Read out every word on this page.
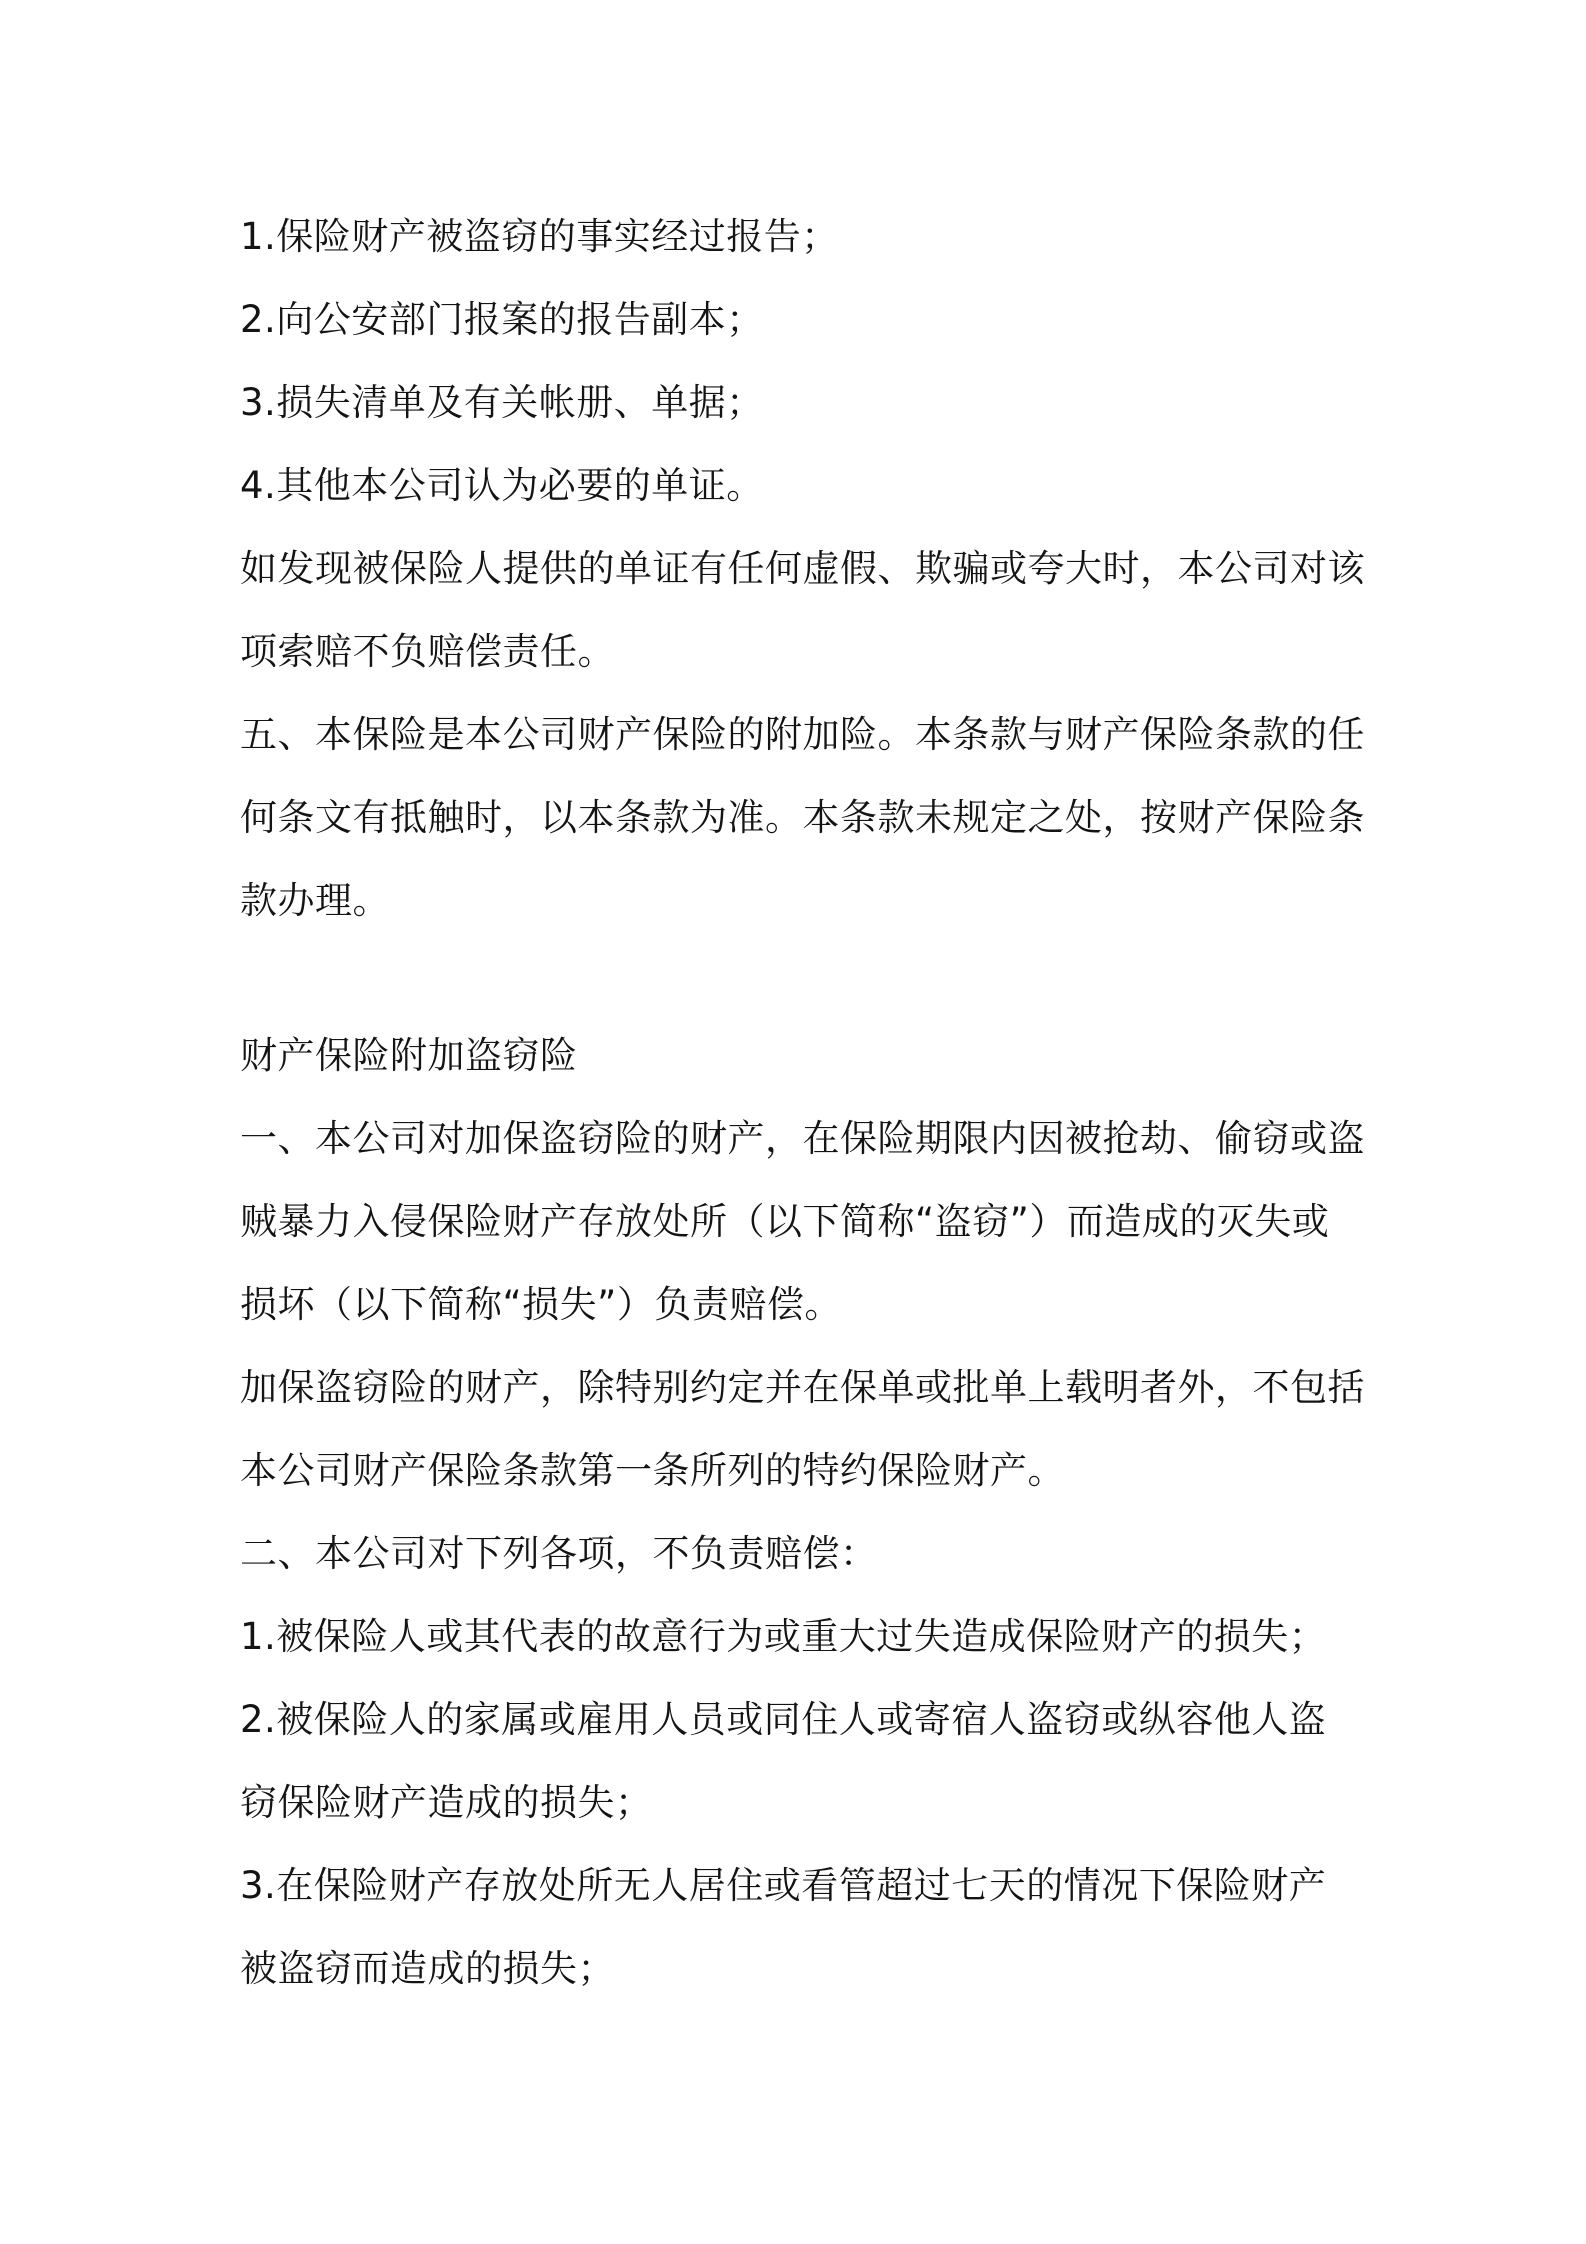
1.保险财产被盗窃的事实经过报告；
2.向公安部门报案的报告副本；
3.损失清单及有关帐册、单据；
4.其他本公司认为必要的单证。
如发现被保险人提供的单证有任何虚假、欺骗或夸大时，本公司对该
项索赔不负赔偿责任。
五、本保险是本公司财产保险的附加险。本条款与财产保险条款的任
何条文有抵触时，以本条款为准。本条款未规定之处，按财产保险条
款办理。
财产保险附加盗窃险
一、本公司对加保盗窃险的财产，在保险期限内因被抢劫、偷窃或盗
贼暴力入侵保险财产存放处所（以下简称“盗窃”）而造成的灭失或
损坏（以下简称“损失”）负责赔偿。
加保盗窃险的财产，除特别约定并在保单或批单上载明者外，不包括
本公司财产保险条款第一条所列的特约保险财产。
二、本公司对下列各项，不负责赔偿：
1.被保险人或其代表的故意行为或重大过失造成保险财产的损失；
2.被保险人的家属或雇用人员或同住人或寄宿人盗窃或纵容他人盗
窃保险财产造成的损失；
3.在保险财产存放处所无人居住或看管超过七天的情况下保险财产
被盗窃而造成的损失；
